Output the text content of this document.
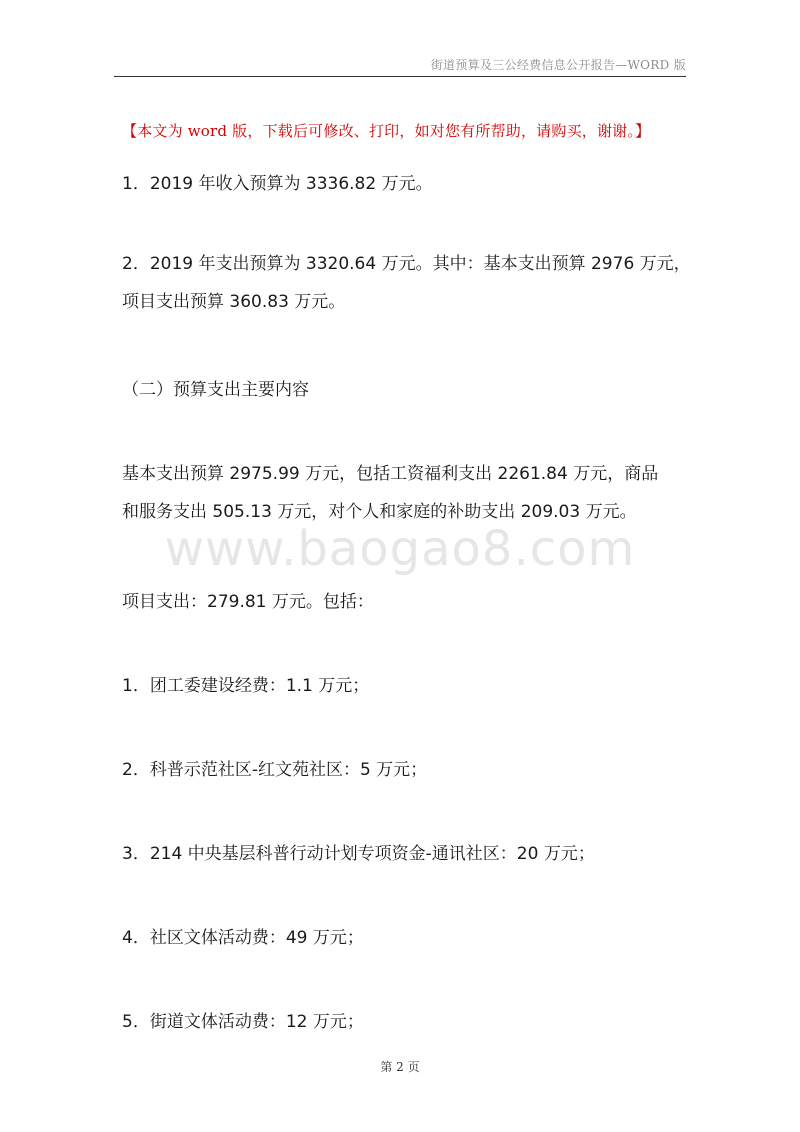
街道预算及三公经费信息公开报告—WORD 版
【本文为 word 版，下载后可修改、打印，如对您有所帮助，请购买，谢谢。】
1．2019 年收入预算为 3336.82 万元。
2．2019 年支出预算为 3320.64 万元。其中：基本支出预算 2976 万元，
项目支出预算 360.83 万元。
（二）预算支出主要内容
基本支出预算 2975.99 万元，包括工资福利支出 2261.84 万元，商品
和服务支出 505.13 万元，对个人和家庭的补助支出 209.03 万元。
www.baogao8.com
项目支出：279.81 万元。包括：
1．团工委建设经费：1.1 万元；
2．科普示范社区-红文苑社区：5 万元；
3．214 中央基层科普行动计划专项资金-通讯社区：20 万元；
4．社区文体活动费：49 万元；
5．街道文体活动费：12 万元；
第 2 页
